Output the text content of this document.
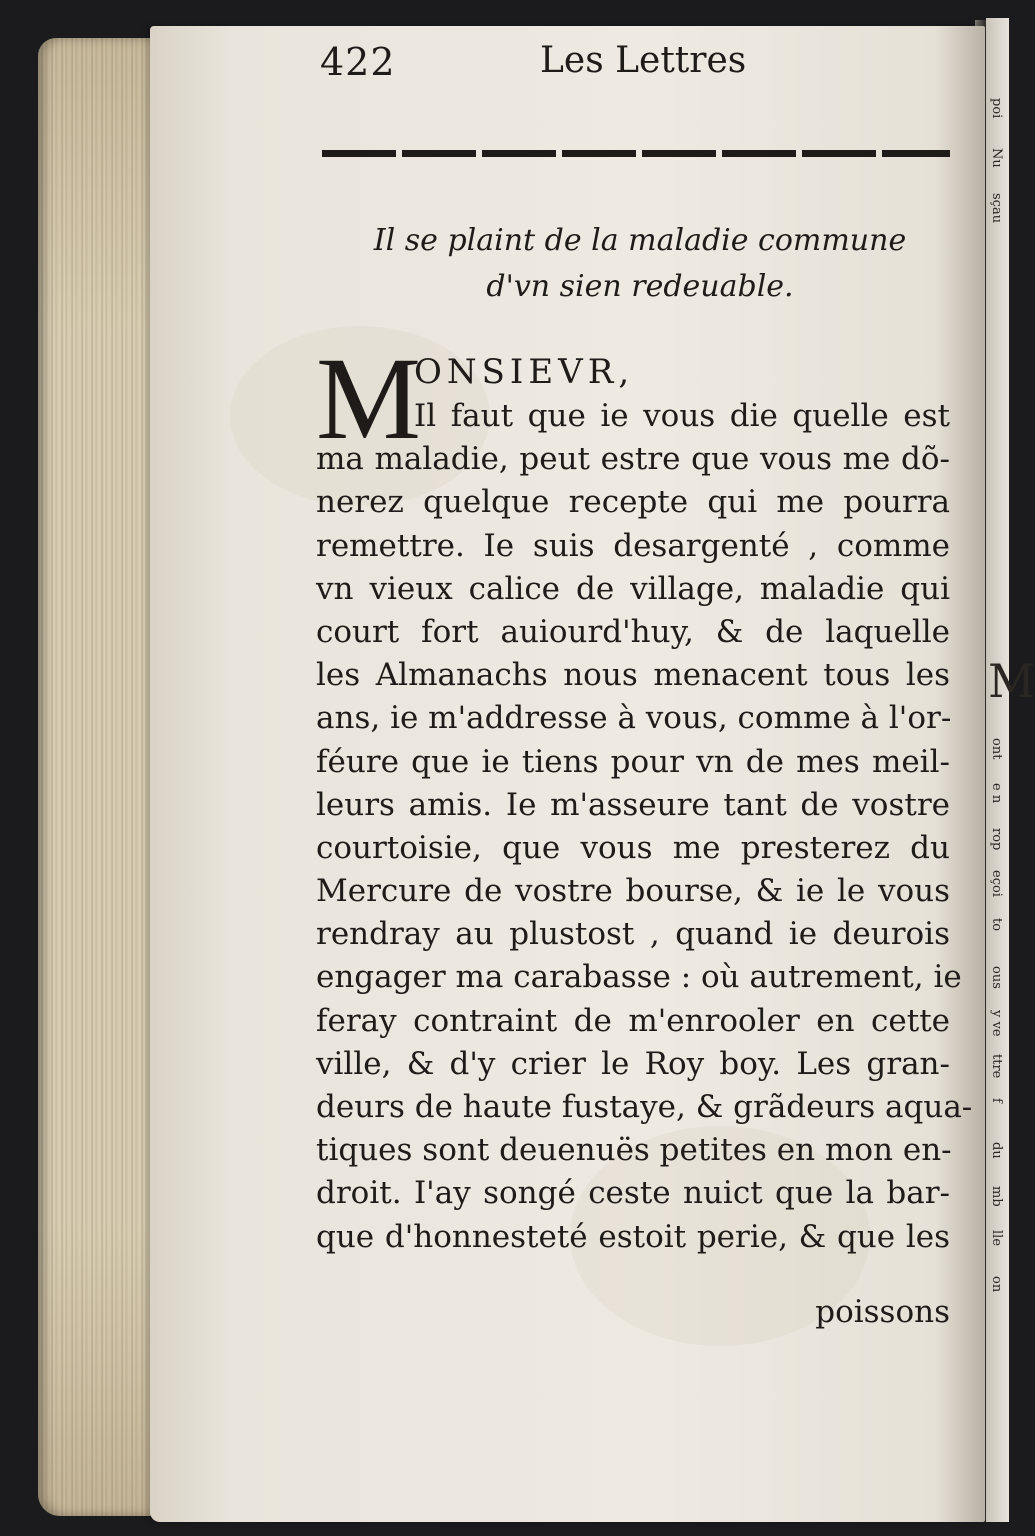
poi
Nu
sçau
M
ont
e n
rop
eçoi
to
ous
y ve
ttre
f
du
mb
lle
on
422	Les Lettres
Il se plaint de la maladie commune
d'vn sien redeuable.
M
ONSIEVR,
Il faut que ie vous die quelle est
ma maladie, peut estre que vous me dõ-
nerez quelque recepte qui me pourra
remettre. Ie suis desargenté , comme
vn vieux calice de village, maladie qui
court fort auiourd'huy, & de laquelle
les Almanachs nous menacent tous les
ans, ie m'addresse à vous, comme à l'or-
féure que ie tiens pour vn de mes meil-
leurs amis. Ie m'asseure tant de vostre
courtoisie, que vous me presterez du
Mercure de vostre bourse, & ie le vous
rendray au plustost , quand ie deurois
engager ma carabasse : où autrement, ie
feray contraint de m'enrooler en cette
ville, & d'y crier le Roy boy. Les gran-
deurs de haute fustaye, & grãdeurs aqua-
tiques sont deuenuës petites en mon en-
droit. I'ay songé ceste nuict que la bar-
que d'honnesteté estoit perie, & que les
poissons
